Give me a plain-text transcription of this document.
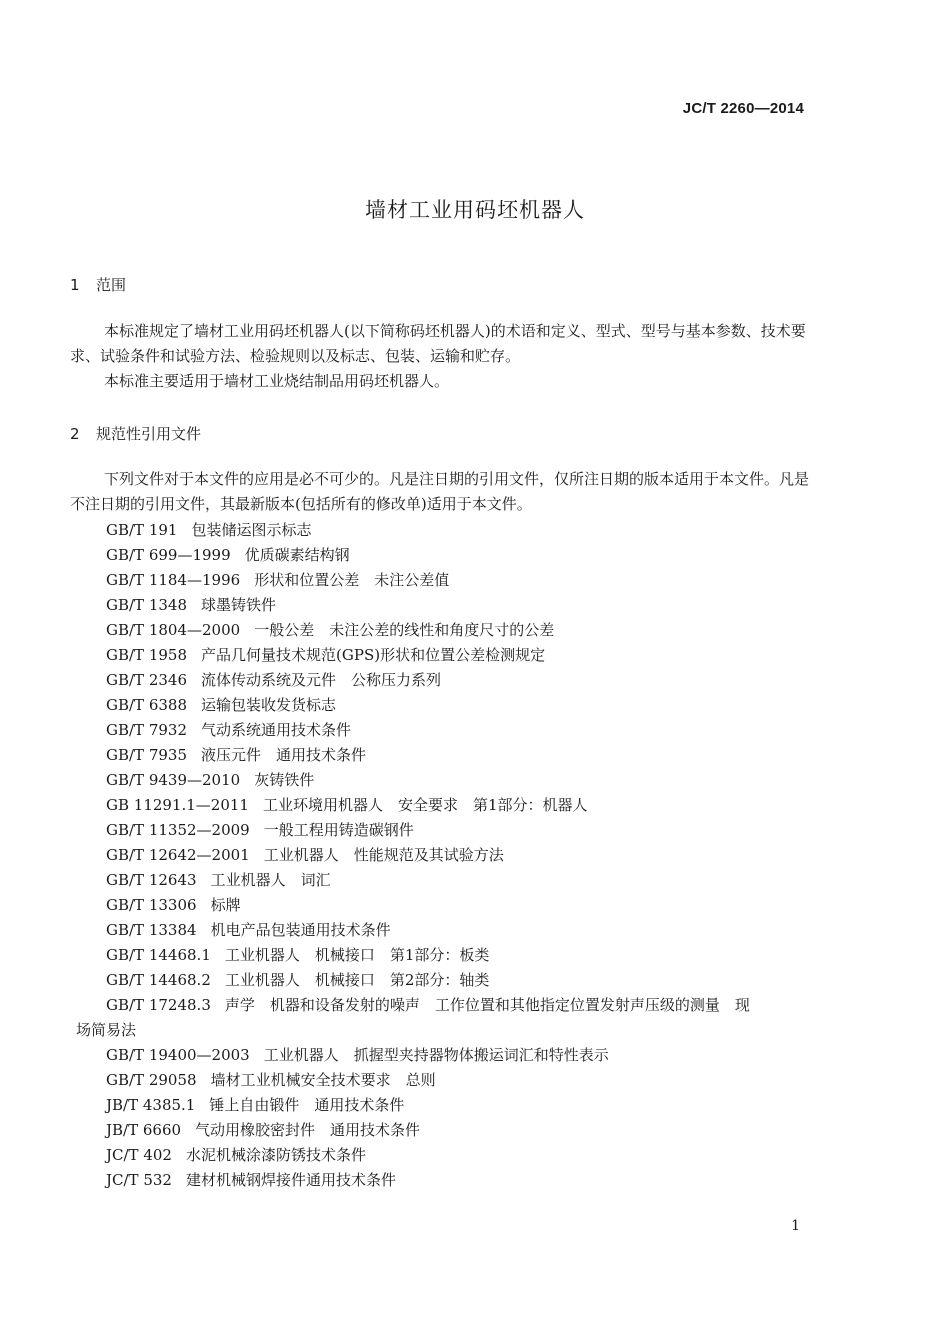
JC/T 2260—2014
墙材工业用码坯机器人
1 范围
本标准规定了墙材工业用码坯机器人(以下简称码坯机器人)的术语和定义、型式、型号与基本参数、技术要求、试验条件和试验方法、检验规则以及标志、包装、运输和贮存。
本标准主要适用于墙材工业烧结制品用码坯机器人。
2 规范性引用文件
下列文件对于本文件的应用是必不可少的。凡是注日期的引用文件，仅所注日期的版本适用于本文件。凡是不注日期的引用文件，其最新版本(包括所有的修改单)适用于本文件。
GB/T 191 包装储运图示标志
GB/T 699—1999 优质碳素结构钢
GB/T 1184—1996 形状和位置公差　未注公差值
GB/T 1348 球墨铸铁件
GB/T 1804—2000 一般公差　未注公差的线性和角度尺寸的公差
GB/T 1958 产品几何量技术规范(GPS)形状和位置公差检测规定
GB/T 2346 流体传动系统及元件　公称压力系列
GB/T 6388 运输包装收发货标志
GB/T 7932 气动系统通用技术条件
GB/T 7935 液压元件　通用技术条件
GB/T 9439—2010 灰铸铁件
GB 11291.1—2011 工业环境用机器人　安全要求　第1部分：机器人
GB/T 11352—2009 一般工程用铸造碳钢件
GB/T 12642—2001 工业机器人　性能规范及其试验方法
GB/T 12643 工业机器人　词汇
GB/T 13306 标牌
GB/T 13384 机电产品包装通用技术条件
GB/T 14468.1 工业机器人　机械接口　第1部分：板类
GB/T 14468.2 工业机器人　机械接口　第2部分：轴类
GB/T 17248.3 声学　机器和设备发射的噪声　工作位置和其他指定位置发射声压级的测量　现
场简易法
GB/T 19400—2003 工业机器人　抓握型夹持器物体搬运词汇和特性表示
GB/T 29058 墙材工业机械安全技术要求　总则
JB/T 4385.1 锤上自由锻件　通用技术条件
JB/T 6660 气动用橡胶密封件　通用技术条件
JC/T 402 水泥机械涂漆防锈技术条件
JC/T 532 建材机械钢焊接件通用技术条件
1
